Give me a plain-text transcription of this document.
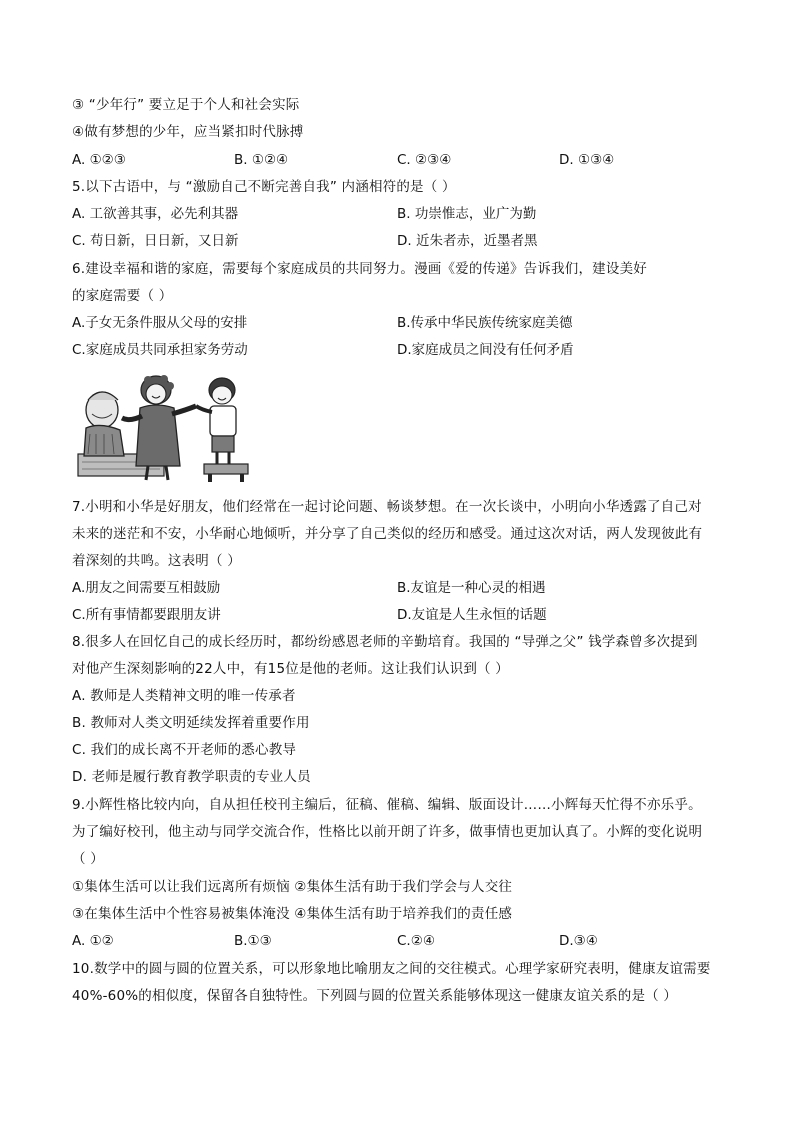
③ “少年行” 要立足于个人和社会实际
④做有梦想的少年，应当紧扣时代脉搏
A. ①②③	B. ①②④	C. ②③④	D. ①③④
5.以下古语中，与 “激励自己不断完善自我” 内涵相符的是（ ）
A. 工欲善其事，必先利其器	B. 功崇惟志，业广为勤
C. 苟日新，日日新，又日新	D. 近朱者赤，近墨者黑
6.建设幸福和谐的家庭，需要每个家庭成员的共同努力。漫画《爱的传递》告诉我们，建设美好
的家庭需要（ ）
A.子女无条件服从父母的安排	B.传承中华民族传统家庭美德
C.家庭成员共同承担家务劳动	D.家庭成员之间没有任何矛盾
7.小明和小华是好朋友，他们经常在一起讨论问题、畅谈梦想。在一次长谈中，小明向小华透露了自己对
未来的迷茫和不安，小华耐心地倾听，并分享了自己类似的经历和感受。通过这次对话，两人发现彼此有
着深刻的共鸣。这表明（ ）
A.朋友之间需要互相鼓励	B.友谊是一种心灵的相遇
C.所有事情都要跟朋友讲	D.友谊是人生永恒的话题
8.很多人在回忆自己的成长经历时，都纷纷感恩老师的辛勤培育。我国的 “导弹之父” 钱学森曾多次提到
对他产生深刻影响的22人中，有15位是他的老师。这让我们认识到（ ）
A. 教师是人类精神文明的唯一传承者
B. 教师对人类文明延续发挥着重要作用
C. 我们的成长离不开老师的悉心教导
D. 老师是履行教育教学职责的专业人员
9.小辉性格比较内向，自从担任校刊主编后，征稿、催稿、编辑、版面设计……小辉每天忙得不亦乐乎。
为了编好校刊，他主动与同学交流合作，性格比以前开朗了许多，做事情也更加认真了。小辉的变化说明
（ ）
①集体生活可以让我们远离所有烦恼 ②集体生活有助于我们学会与人交往
③在集体生活中个性容易被集体淹没 ④集体生活有助于培养我们的责任感
A. ①②	B.①③	C.②④	D.③④
10.数学中的圆与圆的位置关系，可以形象地比喻朋友之间的交往模式。心理学家研究表明，健康友谊需要
40%-60%的相似度，保留各自独特性。下列圆与圆的位置关系能够体现这一健康友谊关系的是（ ）
